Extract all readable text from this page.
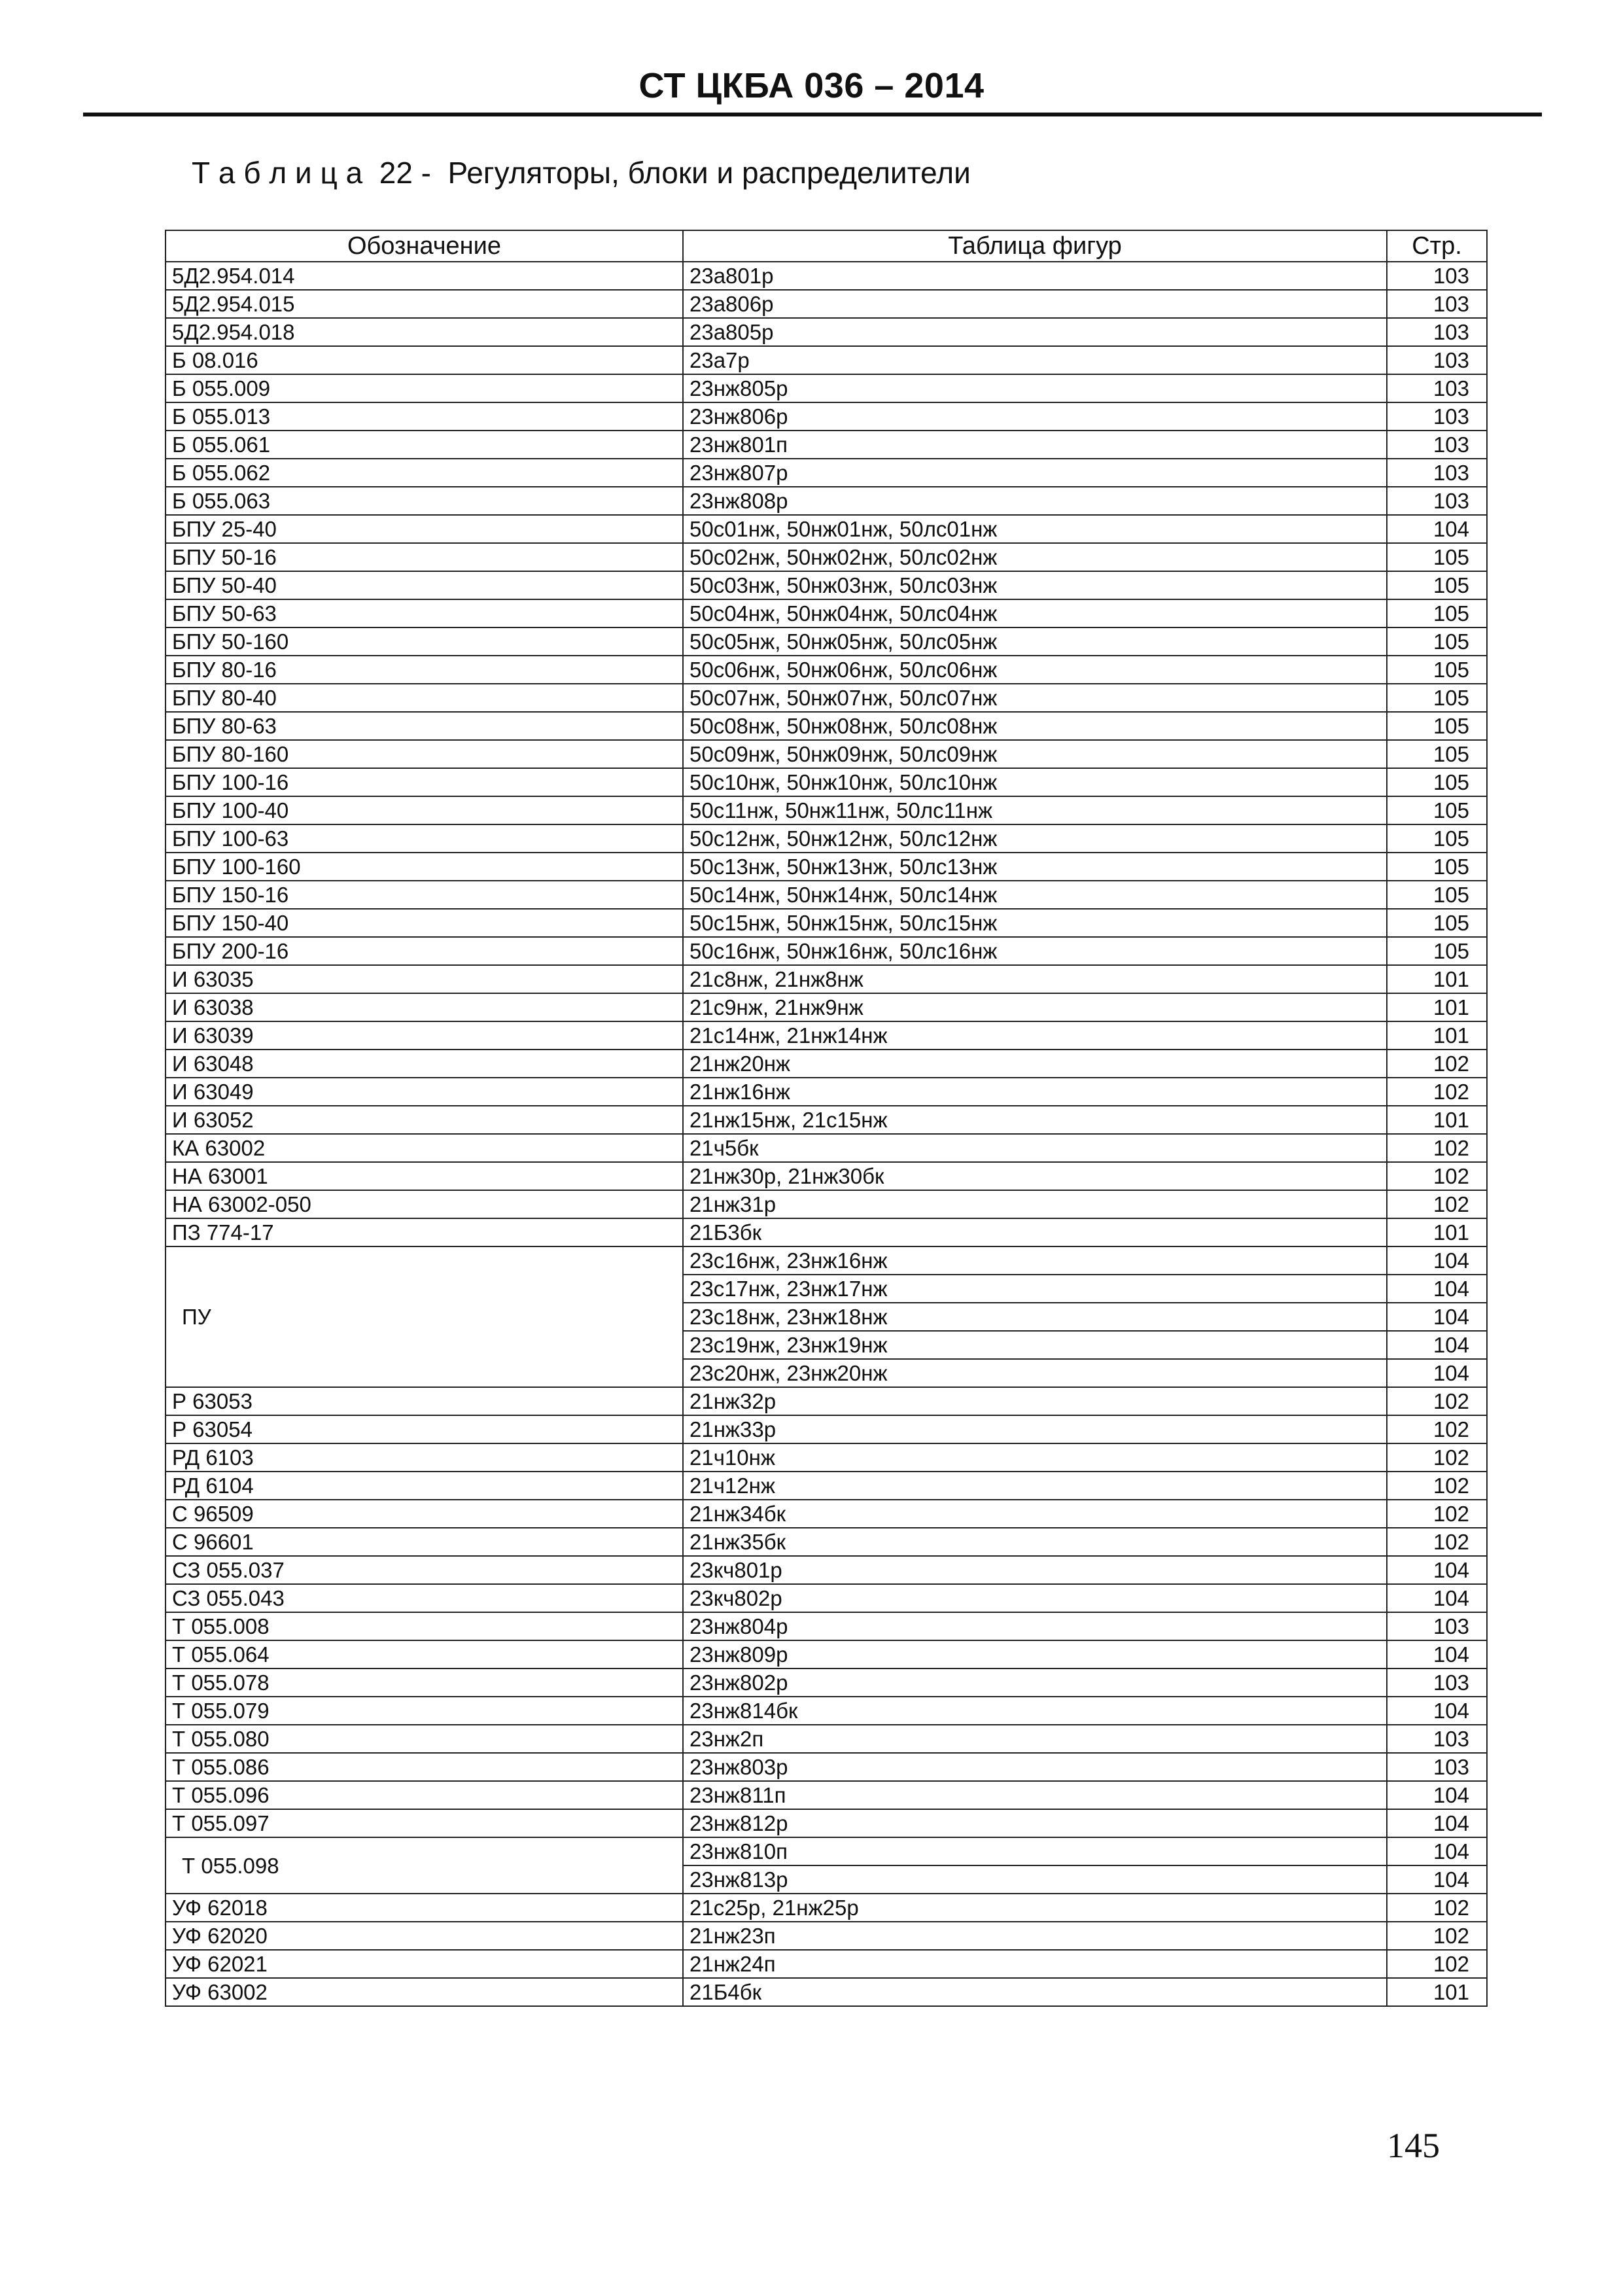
СТ ЦКБА 036 – 2014
Т а б л и ц а  22 -  Регуляторы, блоки и распределители
Обозначение	Таблица фигур	Стр.
5Д2.954.014	23а801р	103
5Д2.954.015	23а806р	103
5Д2.954.018	23а805р	103
Б 08.016	23а7р	103
Б 055.009	23нж805р	103
Б 055.013	23нж806р	103
Б 055.061	23нж801п	103
Б 055.062	23нж807р	103
Б 055.063	23нж808р	103
БПУ 25-40	50с01нж, 50нж01нж, 50лс01нж	104
БПУ 50-16	50с02нж, 50нж02нж, 50лс02нж	105
БПУ 50-40	50с03нж, 50нж03нж, 50лс03нж	105
БПУ 50-63	50с04нж, 50нж04нж, 50лс04нж	105
БПУ 50-160	50с05нж, 50нж05нж, 50лс05нж	105
БПУ 80-16	50с06нж, 50нж06нж, 50лс06нж	105
БПУ 80-40	50с07нж, 50нж07нж, 50лс07нж	105
БПУ 80-63	50с08нж, 50нж08нж, 50лс08нж	105
БПУ 80-160	50с09нж, 50нж09нж, 50лс09нж	105
БПУ 100-16	50с10нж, 50нж10нж, 50лс10нж	105
БПУ 100-40	50с11нж, 50нж11нж, 50лс11нж	105
БПУ 100-63	50с12нж, 50нж12нж, 50лс12нж	105
БПУ 100-160	50с13нж, 50нж13нж, 50лс13нж	105
БПУ 150-16	50с14нж, 50нж14нж, 50лс14нж	105
БПУ 150-40	50с15нж, 50нж15нж, 50лс15нж	105
БПУ 200-16	50с16нж, 50нж16нж, 50лс16нж	105
И 63035	21с8нж, 21нж8нж	101
И 63038	21с9нж, 21нж9нж	101
И 63039	21с14нж, 21нж14нж	101
И 63048	21нж20нж	102
И 63049	21нж16нж	102
И 63052	21нж15нж, 21с15нж	101
КА 63002	21ч5бк	102
НА 63001	21нж30р, 21нж30бк	102
НА 63002-050	21нж31р	102
ПЗ 774-17	21Б3бк	101
ПУ	23с16нж, 23нж16нж	104
	23с17нж, 23нж17нж	104
	23с18нж, 23нж18нж	104
	23с19нж, 23нж19нж	104
	23с20нж, 23нж20нж	104
Р 63053	21нж32р	102
Р 63054	21нж33р	102
РД 6103	21ч10нж	102
РД 6104	21ч12нж	102
С 96509	21нж34бк	102
С 96601	21нж35бк	102
СЗ 055.037	23кч801р	104
СЗ 055.043	23кч802р	104
Т 055.008	23нж804р	103
Т 055.064	23нж809р	104
Т 055.078	23нж802р	103
Т 055.079	23нж814бк	104
Т 055.080	23нж2п	103
Т 055.086	23нж803р	103
Т 055.096	23нж811п	104
Т 055.097	23нж812р	104
Т 055.098	23нж810п	104
	23нж813р	104
УФ 62018	21с25р, 21нж25р	102
УФ 62020	21нж23п	102
УФ 62021	21нж24п	102
УФ 63002	21Б4бк	101
145
